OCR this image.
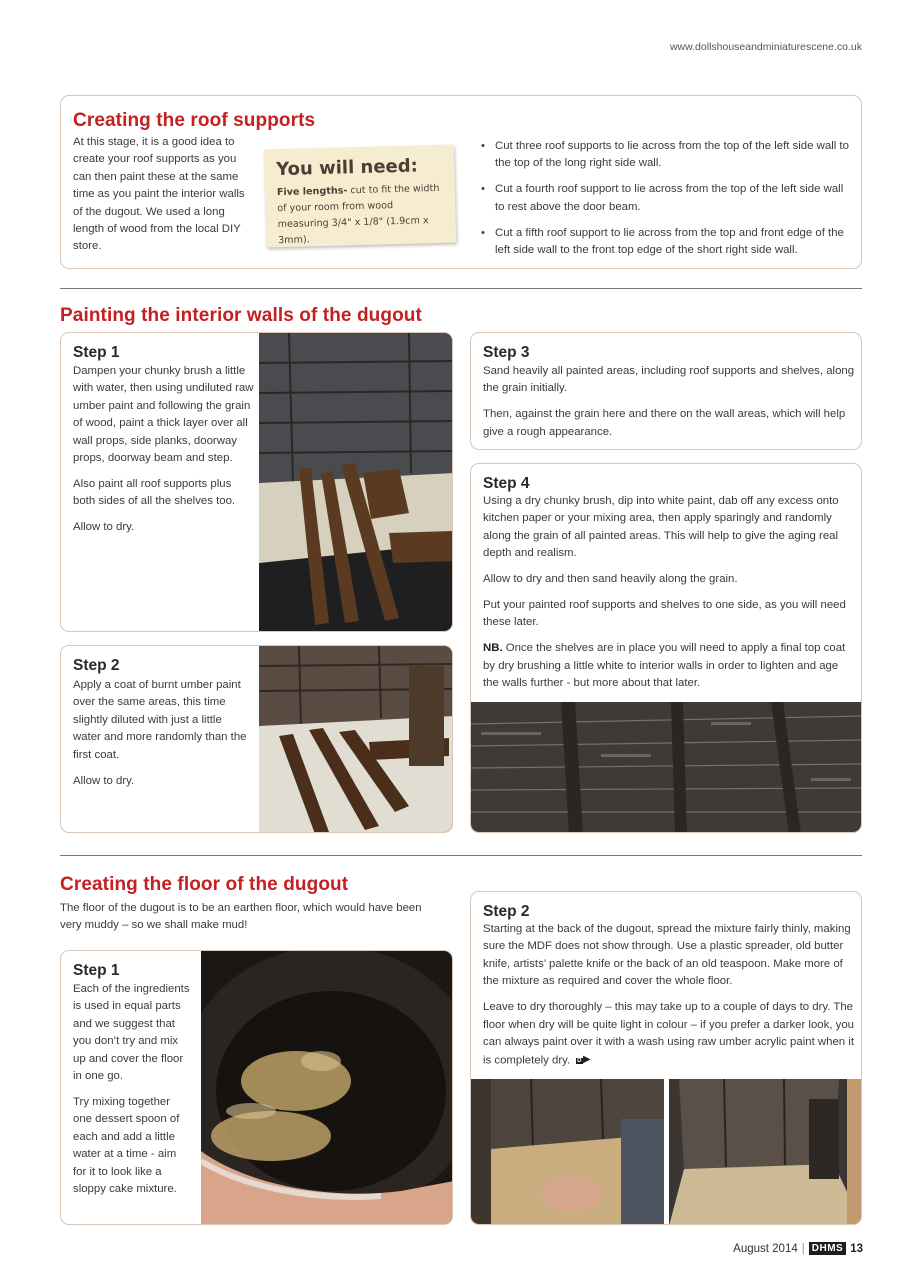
www.dollshouseandminiaturescene.co.uk
Creating the roof supports
At this stage, it is a good idea to create your roof supports as you can then paint these at the same time as you paint the interior walls of the dugout. We used a long length of wood from the local DIY store.
You will need:
Five lengths- cut to fit the width of your room from wood measuring 3/4" x 1/8" (1.9cm x 3mm).
• Cut three roof supports to lie across from the top of the left side wall to the top of the long right side wall.
• Cut a fourth roof support to lie across from the top of the left side wall to rest above the door beam.
• Cut a fifth roof support to lie across from the top and front edge of the left side wall to the front top edge of the short right side wall.
Painting the interior walls of the dugout
Step 1

Dampen your chunky brush a little with water, then using undiluted raw umber paint and following the grain of wood, paint a thick layer over all wall props, side planks, doorway props, doorway beam and step.

Also paint all roof supports plus both sides of all the shelves too.

Allow to dry.

Step 2

Apply a coat of burnt umber paint over the same areas, this time slightly diluted with just a little water and more randomly than the first coat.

Allow to dry.

Step 3

Sand heavily all painted areas, including roof supports and shelves, along the grain initially.

Then, against the grain here and there on the wall areas, which will help give a rough appearance.

Step 4

Using a dry chunky brush, dip into white paint, dab off any excess onto kitchen paper or your mixing area, then apply sparingly and randomly along the grain of all painted areas. This will help to give the aging real depth and realism.

Allow to dry and then sand heavily along the grain.

Put your painted roof supports and shelves to one side, as you will need these later.

NB. Once the shelves are in place you will need to apply a final top coat by dry brushing a little white to interior walls in order to lighten and age the walls further - but more about that later.

Creating the floor of the dugout
The floor of the dugout is to be an earthen floor, which would have been very muddy – so we shall make mud!
Step 1

Each of the ingredients is used in equal parts and we suggest that you don’t try and mix up and cover the floor in one go.

Try mixing together one dessert spoon of each and add a little water at a time - aim for it to look like a sloppy cake mixture.

Step 2

Starting at the back of the dugout, spread the mixture fairly thinly, making sure the MDF does not show through. Use a plastic spreader, old butter knife, artists’ palette knife or the back of an old teaspoon. Make more of the mixture as required and cover the whole floor.

Leave to dry thoroughly – this may take up to a couple of days to dry. The floor when dry will be quite light in colour – if you prefer a darker look, you can always paint over it with a wash using raw umber acrylic paint when it is completely dry. D▶

August 2014 | DHMS 13
